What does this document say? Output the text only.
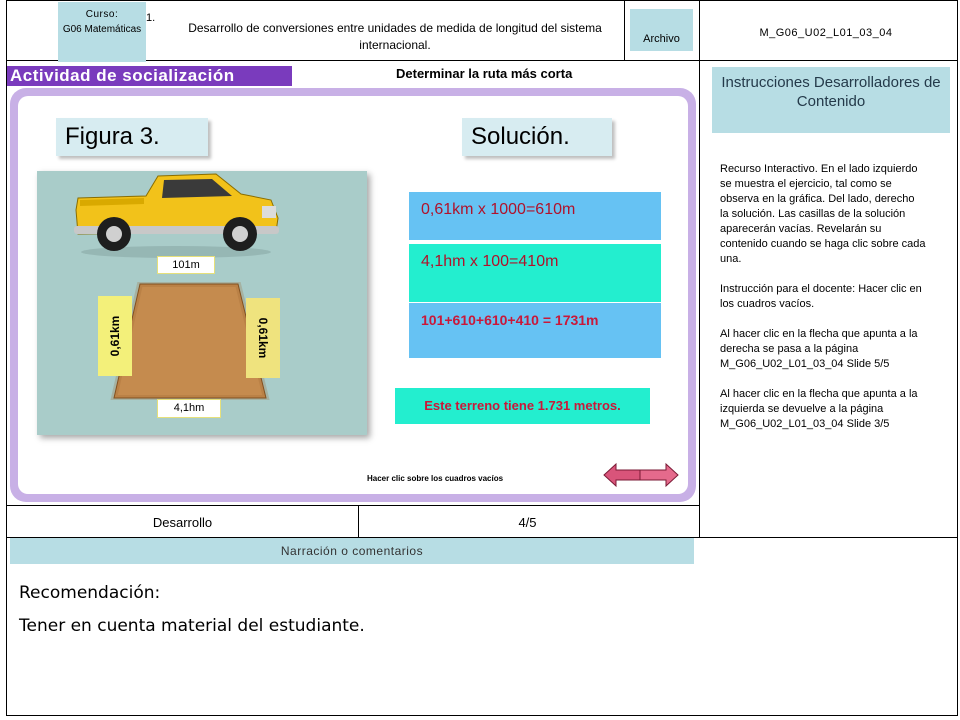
Curso:
G06 Matemáticas
1.
Desarrollo de conversiones entre unidades de medida de longitud del sistema internacional.	Archivo	M_G06_U02_L01_03_04
Actividad de socialización	Determinar la ruta más corta
Figura 3.	Solución.
101m
4,1hm
0,61km	0,61km
0,61km x 1000=610m
4,1hm x 100=410m
101+610+610+410 = 1731m
Este terreno tiene 1.731 metros.
Hacer clic sobre los cuadros vacíos
Instrucciones Desarrolladores de Contenido

Recurso Interactivo. En el lado izquierdo se muestra el ejercicio, tal como se observa en la gráfica. Del lado, derecho la solución. Las casillas de la solución aparecerán vacías. Revelarán su contenido cuando se haga clic sobre cada una.

Instrucción para el docente: Hacer clic en los cuadros vacíos.

Al hacer clic en la flecha que apunta a la derecha se pasa a la página M_G06_U02_L01_03_04 Slide 5/5

Al hacer clic en la flecha que apunta a la izquierda se devuelve a la página M_G06_U02_L01_03_04 Slide 3/5

Desarrollo	4/5
Narración o comentarios
Recomendación:
Tener en cuenta material del estudiante.
